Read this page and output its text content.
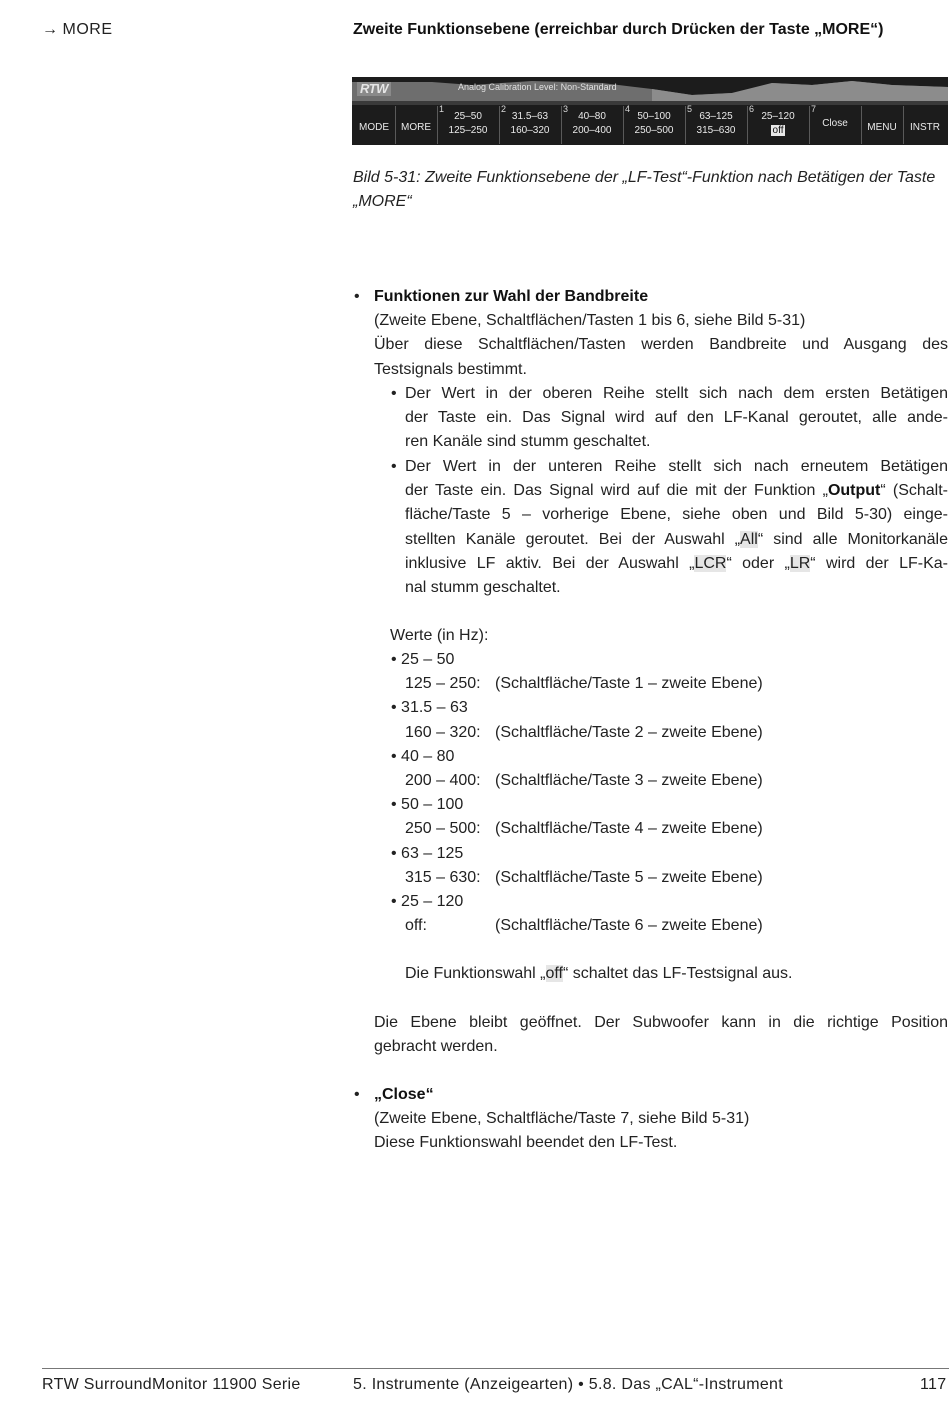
→ MORE	Zweite Funktionsebene (erreichbar durch Drücken der Taste „MORE“)
RTW	Analog Calibration Level: Non-Standard
MODE	MORE
1
25–50
125–250
2
31.5–63
160–320
3
40–80
200–400
4
50–100
250–500
5
63–125
315–630
6
25–120
off
7
Close	MENU	INSTR
Bild 5-31: Zweite Funktionsebene der „LF-Test“-Funktion nach Betätigen der Taste
„MORE“
• Funktionen zur Wahl der Bandbreite
(Zweite Ebene, Schaltflächen/Tasten 1 bis 6, siehe Bild 5-31)
Über diese Schaltflächen/Tasten werden Bandbreite und Ausgang des
Testsignals bestimmt.
• Der Wert in der oberen Reihe stellt sich nach dem ersten Betätigen
der Taste ein. Das Signal wird auf den LF-Kanal geroutet, alle ande-
ren Kanäle sind stumm geschaltet.
• Der Wert in der unteren Reihe stellt sich nach erneutem Betätigen
der Taste ein. Das Signal wird auf die mit der Funktion „Output“ (Schalt-
fläche/Taste 5 – vorherige Ebene, siehe oben und Bild 5-30) einge-
stellten Kanäle geroutet. Bei der Auswahl „All“ sind alle Monitorkanäle
inklusive LF aktiv. Bei der Auswahl „LCR“ oder „LR“ wird der LF-Ka-
nal stumm geschaltet.
Werte (in Hz):
• 25 – 50
125 – 250: (Schaltfläche/Taste 1 – zweite Ebene)
• 31.5 – 63
160 – 320: (Schaltfläche/Taste 2 – zweite Ebene)
• 40 – 80
200 – 400: (Schaltfläche/Taste 3 – zweite Ebene)
• 50 – 100
250 – 500: (Schaltfläche/Taste 4 – zweite Ebene)
• 63 – 125
315 – 630: (Schaltfläche/Taste 5 – zweite Ebene)
• 25 – 120
off:	(Schaltfläche/Taste 6 – zweite Ebene)
Die Funktionswahl „off“ schaltet das LF-Testsignal aus.
Die Ebene bleibt geöffnet. Der Subwoofer kann in die richtige Position
gebracht werden.
• „Close“
(Zweite Ebene, Schaltfläche/Taste 7, siehe Bild 5-31)
Diese Funktionswahl beendet den LF-Test.
RTW SurroundMonitor 11900 Serie	5. Instrumente (Anzeigearten) • 5.8. Das „CAL“-Instrument	117
